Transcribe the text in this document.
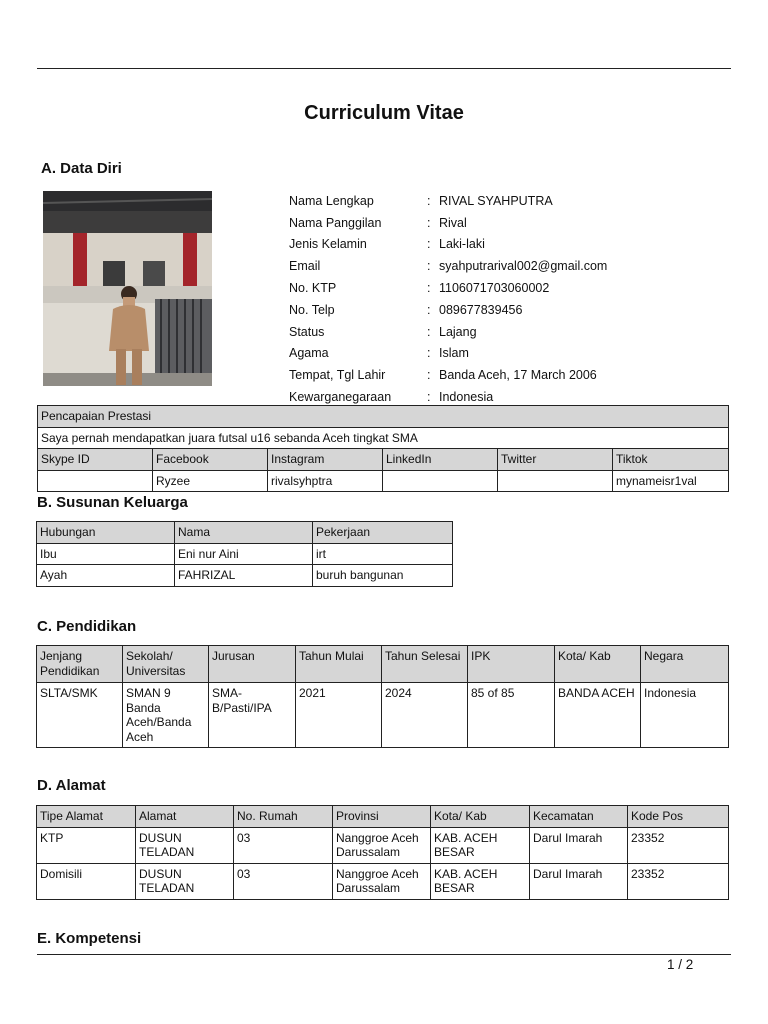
Curriculum Vitae
A. Data Diri
Nama Lengkap	: RIVAL SYAHPUTRA
Nama Panggilan	: Rival
Jenis Kelamin	: Laki-laki
Email	: syahputrarival002@gmail.com
No. KTP	: 1106071703060002
No. Telp	: 089677839456
Status	: Lajang
Agama	: Islam
Tempat, Tgl Lahir	: Banda Aceh, 17 March 2006
Kewarganegaraan	: Indonesia
Pencapaian Prestasi					
Saya pernah mendapatkan juara futsal u16 sebanda Aceh tingkat SMA					
Skype ID	Facebook	Instagram	LinkedIn	Twitter	Tiktok
	Ryzee	rivalsyhptra			mynameisr1val
B. Susunan Keluarga
Hubungan	Nama	Pekerjaan
Ibu	Eni nur Aini	irt
Ayah	FAHRIZAL	buruh bangunan
C. Pendidikan
Jenjang Pendidikan	Sekolah/ Universitas	Jurusan	Tahun Mulai	Tahun Selesai	IPK	Kota/ Kab	Negara
SLTA/SMK	SMAN 9 Banda Aceh/Banda Aceh	SMA-B/Pasti/IPA	2021	2024	85 of 85	BANDA ACEH	Indonesia
D. Alamat
Tipe Alamat	Alamat	No. Rumah	Provinsi	Kota/ Kab	Kecamatan	Kode Pos
KTP	DUSUN TELADAN	03	Nanggroe Aceh Darussalam	KAB. ACEH BESAR	Darul Imarah	23352
Domisili	DUSUN TELADAN	03	Nanggroe Aceh Darussalam	KAB. ACEH BESAR	Darul Imarah	23352
E. Kompetensi
1 / 2
